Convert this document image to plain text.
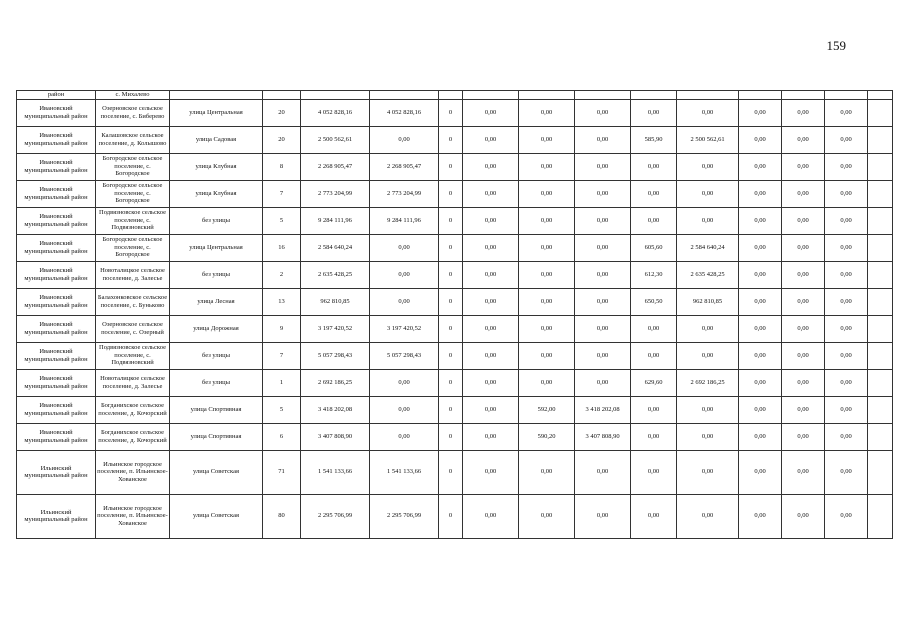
159
район	с. Михалево														
Ивановский муниципальный район	Озерновское сельское поселение, с. Биберево	улица Центральная	20	4 052 828,16	4 052 828,16	0	0,00	0,00	0,00	0,00	0,00	0,00	0,00	0,00	
Ивановский муниципальный район	Калашовское сельское поселение, д. Колышово	улица Садовая	20	2 500 562,61	0,00	0	0,00	0,00	0,00	585,90	2 500 562,61	0,00	0,00	0,00	
Ивановский муниципальный район	Богородское сельское поселение, с. Богородское	улица Клубная	8	2 268 905,47	2 268 905,47	0	0,00	0,00	0,00	0,00	0,00	0,00	0,00	0,00	
Ивановский муниципальный район	Богородское сельское поселение, с. Богородское	улица Клубная	7	2 773 204,99	2 773 204,99	0	0,00	0,00	0,00	0,00	0,00	0,00	0,00	0,00	
Ивановский муниципальный район	Подвязновское сельское поселение, с. Подвязновский	без улицы	5	9 284 111,96	9 284 111,96	0	0,00	0,00	0,00	0,00	0,00	0,00	0,00	0,00	
Ивановский муниципальный район	Богородское сельское поселение, с. Богородское	улица Центральная	16	2 584 640,24	0,00	0	0,00	0,00	0,00	605,60	2 584 640,24	0,00	0,00	0,00	
Ивановский муниципальный район	Новоталицкое сельское поселение, д. Залесье	без улицы	2	2 635 428,25	0,00	0	0,00	0,00	0,00	612,30	2 635 428,25	0,00	0,00	0,00	
Ивановский муниципальный район	Балахонковское сельское поселение, с. Буньково	улица Лесная	13	962 810,85	0,00	0	0,00	0,00	0,00	650,50	962 810,85	0,00	0,00	0,00	
Ивановский муниципальный район	Озерновское сельское поселение, с. Озерный	улица Дорожная	9	3 197 420,52	3 197 420,52	0	0,00	0,00	0,00	0,00	0,00	0,00	0,00	0,00	
Ивановский муниципальный район	Подвязновское сельское поселение, с. Подвязновский	без улицы	7	5 057 298,43	5 057 298,43	0	0,00	0,00	0,00	0,00	0,00	0,00	0,00	0,00	
Ивановский муниципальный район	Новоталицкое сельское поселение, д. Залесье	без улицы	1	2 692 186,25	0,00	0	0,00	0,00	0,00	629,60	2 692 186,25	0,00	0,00	0,00	
Ивановский муниципальный район	Богданихское сельское поселение, д. Кочорский	улица Спортивная	5	3 418 202,08	0,00	0	0,00	592,00	3 418 202,08	0,00	0,00	0,00	0,00	0,00	
Ивановский муниципальный район	Богданихское сельское поселение, д. Кочорский	улица Спортивная	6	3 407 808,90	0,00	0	0,00	590,20	3 407 808,90	0,00	0,00	0,00	0,00	0,00	
Ильинский муниципальный район	Ильинское городское поселение, п. Ильинское-Хованское	улица Советская	71	1 541 133,66	1 541 133,66	0	0,00	0,00	0,00	0,00	0,00	0,00	0,00	0,00	
Ильинский муниципальный район	Ильинское городское поселение, п. Ильинское-Хованское	улица Советская	80	2 295 706,99	2 295 706,99	0	0,00	0,00	0,00	0,00	0,00	0,00	0,00	0,00	
